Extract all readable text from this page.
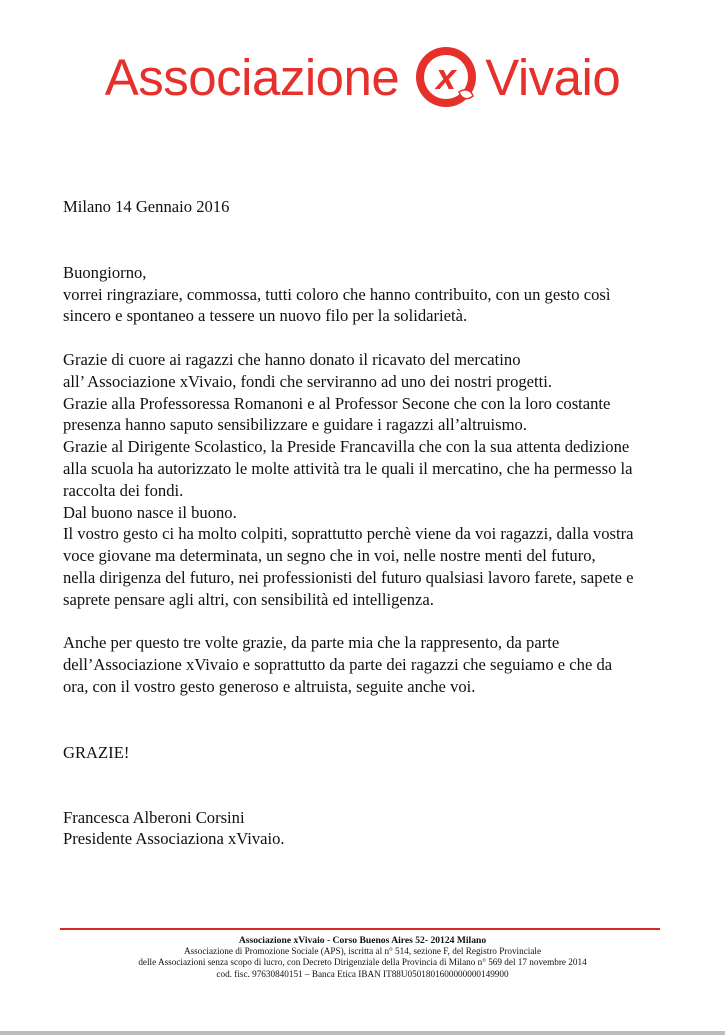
Associazione x Vivaio

Milano 14 Gennaio 2016

Buongiorno,

vorrei ringraziare, commossa, tutti coloro che hanno contribuito, con un gesto così

sincero e spontaneo a tessere un nuovo filo per la solidarietà.

Grazie di cuore ai ragazzi che hanno donato il ricavato del mercatino

all’ Associazione xVivaio, fondi che serviranno ad uno dei nostri progetti.

Grazie alla Professoressa Romanoni e al Professor Secone che con la loro costante

presenza hanno saputo sensibilizzare e guidare i ragazzi all’altruismo.

Grazie al Dirigente Scolastico, la Preside Francavilla che con la sua attenta dedizione

alla scuola ha autorizzato le molte attività tra le quali il mercatino, che ha permesso la

raccolta dei fondi.

Dal buono nasce il buono.

Il vostro gesto ci ha molto colpiti, soprattutto perchè viene da voi ragazzi, dalla vostra

voce giovane ma determinata, un segno che in voi, nelle nostre menti del futuro,

nella dirigenza del futuro, nei professionisti del futuro qualsiasi lavoro farete, sapete e

saprete pensare agli altri, con sensibilità ed intelligenza.

Anche per questo tre volte grazie, da parte mia che la rappresento, da parte

dell’Associazione xVivaio e soprattutto da parte dei ragazzi che seguiamo e che da

ora, con il vostro gesto generoso e altruista, seguite anche voi.

GRAZIE!

Francesca Alberoni Corsini

Presidente Associaziona xVivaio.

Associazione xVivaio - Corso Buenos Aires 52- 20124 Milano
Associazione di Promozione Sociale (APS), iscritta al n° 514, sezione F, del Registro Provinciale
delle Associazioni senza scopo di lucro, con Decreto Dirigenziale della Provincia di Milano n° 569 del 17 novembre 2014
cod. fisc. 97630840151 – Banca Etica IBAN IT88U0501801600000000149900
